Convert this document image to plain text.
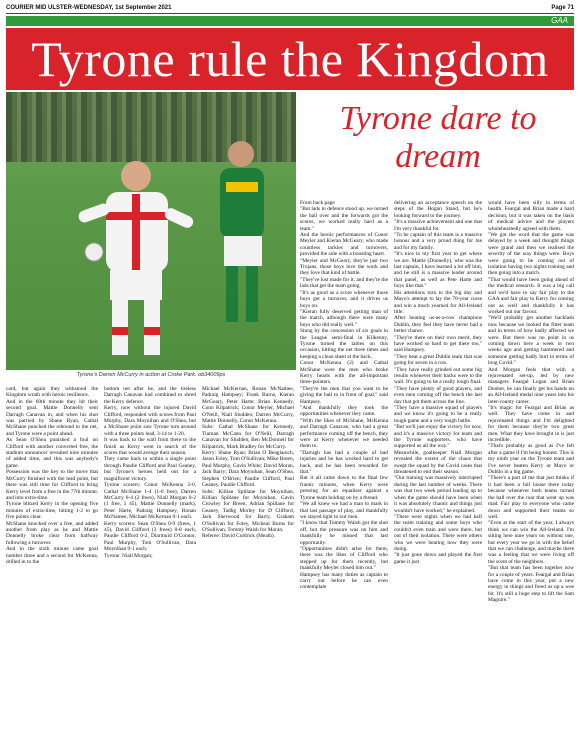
COURIER MID ULSTER-WEDNESDAY, 1st September 2021	Page 71
GAA
Tyrone rule the Kingdom
Tyrone's Darren McCurry in action at Croke Park. ob34009ps
Tyrone dare to dream
card, but again they withstood the Kingdom wrath with heroic resilience.
And in the 69th minute they hit their second goal. Mattie Donnelly sent Darragh Canavan in, and when his shot was parried by Shane Ryan, Cathal McShane punched the rebound to the net, and Tyrone were a point ahead.
As Sean O'Shea punished a foul on Clifford with another converted free, the stadium announcer revealed nine minutes of added time, and this was anybody's game.
Possession was the key to the move that McCurry finished with the lead point, but there was still time for Clifford to bring Kerry level from a free in the 77th minute, and into extra-time.
Tyrone blitzed Kerry in the opening five minutes of extra-time, hitting 1-2 to go five points clear.
McShane knocked over a free, and added another from play as he and Mattie Donnelly broke clear from halfway following a turnover.
And in the sixth minute came goal number three and a second for McKenna, drilled in to the
bottom net after he, and the tireless Darragh Canavan had combined to shred the Kerry defence.
Kerry, now without the injured David Clifford, responded with scores from Paul Murphy, Dara Moynihan and O'Shea, but a McShane point saw Tyrone turn around with a three points lead, 3-14 to 1-20.
It was back to the wall from there to the finish as Kerry went in search of the scores that would avenge their season.
They came back to within a single point through Paudie Clifford and Paul Geaney, but Tyrone's heroes held out for a magnificent victory.
Tyrone scorers: Conor McKenna 2-0, Cathal McShane 1-4 (1-0 free), Darren McCurry 0-4 (2 frees), Niall Morgan 0-2 (1 free, 1 45), Mattie Donnelly (mark), Peter Harte, Padraig Hampsey, Ronan McNamee, Michael McKernan 0-1 each.
Kerry scorers: Sean O'Shea 0-9 (frees, 1 45), David Clifford (3 frees) 0-8 each, Paudie Clifford 0-2, Diarmuid O'Connor, Paul Murphy, Tom O'Sullivan, Dara Moynihan 0-1 each.
Tyrone: Niall Morgan;
Michael McKernan, Ronan McNamee, Padraig Hampsey; Frank Burns, Kieran McGeary, Peter Harte; Brian Kennedy, Conn Kilpatrick; Conor Meyler, Michael O'Neill, Niall Sludden; Darren McCurry, Mattie Donnelly, Conor McKenna.
Subs: Cathal McShane for Kennedy, Tiarnan McCann for O'Neill, Darragh Canavan for Sludden, Ben McDonnell for Kilpatrick, Mark Bradley for McCurry.
Kerry: Shane Ryan; Brian O Beaglaoich, Jason Foley, Tom O'Sullivan; Mike Breen, Paul Murphy, Gavin White; David Moran, Jack Barry; Dara Moynihan, Sean O'Shea, Stephen O'Brien; Paudie Clifford, Paul Geaney, Paudie Clifford.
Subs: Killian Spillane for Moynihan, Killian Spillane for Moynihan, Gavin Crowley for Breen, Adrian Spillane for Geaney, Tadhg Morley for D Clifford, Jack Sherwood for Barry, Graham O'Sullivan for Foley, Micheal Burns for O'Sullivan, Tommy Walsh for Moran.
Referee: David Coldrick (Meath).
From back page
"But lads in defence stood up, we turned the ball over and the forwards got the scores, we worked really hard as a team."
And the heroic performances of Conor Meyler and Kieran McGeary, who made countless tackles and turnovers, provided the side with a boosting heart.
"Meyler and McGeary, they're just two Trojans, those boys love the work and they love that kind of battle.
"They've lost made for it, and they're the lads that get the team going.
"It's as good as a score whenever those boys get a turnover, and it drives us boys on.
"Kieran fully deserved getting man of the match, although there were many boys who did really well."
Stung by the concession of six goals in the League semi-final in Kilkenny, Tyrone turned the tables on this occasion, hitting the net three times and keeping a clean sheet at the back.
Conor McKenna (2) and Cathal McShane were the men who broke Kerry hearts with the all-important three-pointers.
"They're the men that you want to be giving the ball to in front of goal," said Hampsey.
"And thankfully they took the opportunities whenever they came.
"With the likes of McShane, McKenna and Darragh Canavan, who had a great performance coming off the bench, they were at Kerry whenever we needed them to.
"Darragh has had a couple of bad injuries and he has worked hard to get back, and he has been rewarded for that."
But it all came down to the final few frantic minutes, when Kerry were pressing for an equaliser against a Tyrone team holding on by a thread.
"We all knew we had a man to mark in that last passage of play, and thankfully we stayed tight to our men.
"I know that Tommy Walsh got the shot off, but the pressure was on him and thankfully he missed that last opportunity.
"Opportunities didn't arise for them, there was the likes of Clifford who stepped up for them recently, but thankfully Meyler closed him out."
Hampsey has many duties as captain to carry out before he can even contemplate
delivering an acceptance speech on the steps of the Hogan Stand, but he's looking forward to the journey.
"It's a massive achievement and one that I'm very thankful for.
"To be captain of this team is a massive honour and a very proud thing for me and for my family.
"It's nice in my first year to get where we are. Mattie (Donnelly), who was the last captain, I have learned a lot off him, and he still is a massive leader around that panel, as well as Pete Harte and boys like that."
His attentions turn to the big day and Mayo's attempt to lay the 70-year curse and win a much yearned for All-Ireland title.
After beating us-as-a-row champions Dublin, they feel they have never had a better chance.
"They're there on their own merit, they have worked so hard to get there too," said Hampsey.
"They beat a great Dublin team that was going for seven in a row.
"They have really grinded out some big results whenever their backs were to the wall. It's going to be a really tough final.
"They have plenty of good players, and even men coming off the bench the last day that got them across the line.
"They have a massive squad of players and we know it's going to be a really tough game and a very tough battle.
"But we'll just enjoy the victory for now, and it's a massive victory for team and the Tyrone supporters, who have supported us all the way."
Meanwhile, goalkeeper Niall Morgan revealed the extent of the chaos that swept the squad by the Covid cases that threatened to end their season.
"Our training was massively interrupted during the last number of weeks. There was that two week period leading up to when the game should have been when it was absolutely chaotic and things just wouldn't have worked," he explained.
"There were nights when we had half the team training and some boys who couldn't even train and were there, but out of their isolation. There were others who we were hearing how they were doing.
"It just gone down and played the first game it just
would have been silly in terms of health. Feargal and Brian made a hard decision, but it was taken on the basis of medical advice and the players wholeheartedly agreed with them.
"We got the word that the game was delayed by a week and thought things were grand and then we realised the severity of the way things were. Boys were going to be coming out of isolation having two nights training and then going into a match.
"That would have been going ahead of the medical research. It was a big call and we'd have to say fair play to the GAA and fair play to Kerry for coming out as well and thankfully it has worked out our favour.
"We'll probably get another backlash now because we looked the fitter team and in terms of how badly affected we were. But there was no point in us coming down here a week or two weeks ago and getting hammered and someone getting badly hurt in terms of long Covid."
And Morgan feels that with a rejuvenated set-up, led by new managers Feargal Logan and Brian Dooher, he can finally get his hands on an All-Ireland medal nine years into his inter-county career.
"It's magic for Feargal and Brian as well. They have come in and rejuvenated things and I'm delighted for them because they're two great men. What they have brought in is just incredible.
"That's probably as good as I've felt after a game if I'm being honest. This is my ninth year on the Tyrone team and I've never beaten Kerry or Mayo or Dublin in a big game.
"There's a part of me that just thinks if it had been a full house there today because whenever both teams turned the ball over the roar that went up was mad. Fair play to everyone who came down and supported their teams so well.
"Even at the start of the year, I always think we can win the All-Ireland. I'm sitting here nine years on without one, but every year we go in with the belief that we can challenge, and maybe there was a feeling that we were living off the scent of the neighbors.
"But that team has been together now for a couple of years. Feargal and Brian have come in this year, put a new energy in things and freed us up a wee bit. It's still a huge step to lift the Sam Maguire."
